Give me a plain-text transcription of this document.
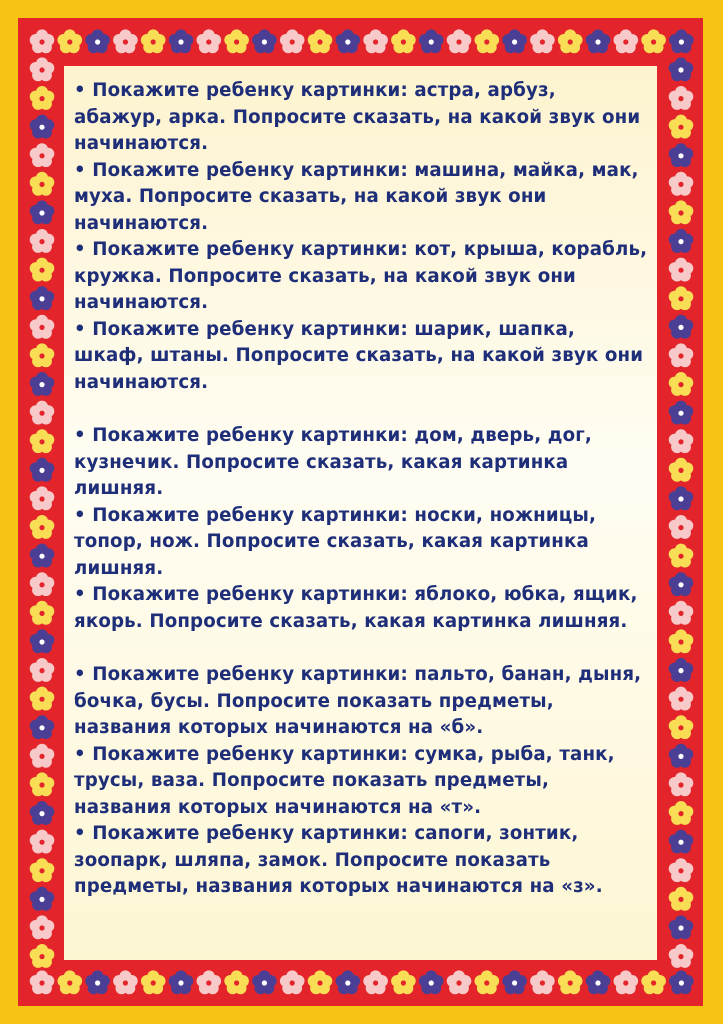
• Покажите ребенку картинки: астра, арбуз, абажур, арка. Попросите сказать, на какой звук они начинаются.

• Покажите ребенку картинки: машина, майка, мак, муха. Попросите сказать, на какой звук они начинаются.

• Покажите ребенку картинки: кот, крыша, корабль, кружка. Попросите сказать, на какой звук они начинаются.

• Покажите ребенку картинки: шарик, шапка, шкаф, штаны. Попросите сказать, на какой звук они начинаются.

• Покажите ребенку картинки: дом, дверь, дог, кузнечик. Попросите сказать, какая картинка лишняя.

• Покажите ребенку картинки: носки, ножницы, топор, нож. Попросите сказать, какая картинка лишняя.

• Покажите ребенку картинки: яблоко, юбка, ящик, якорь. Попросите сказать, какая картинка лишняя.

• Покажите ребенку картинки: пальто, банан, дыня, бочка, бусы. Попросите показать предметы, названия которых начинаются на «б».

• Покажите ребенку картинки: сумка, рыба, танк, трусы, ваза. Попросите показать предметы, названия которых начинаются на «т».

• Покажите ребенку картинки: сапоги, зонтик, зоопарк, шляпа, замок. Попросите показать предметы, названия которых начинаются на «з».
